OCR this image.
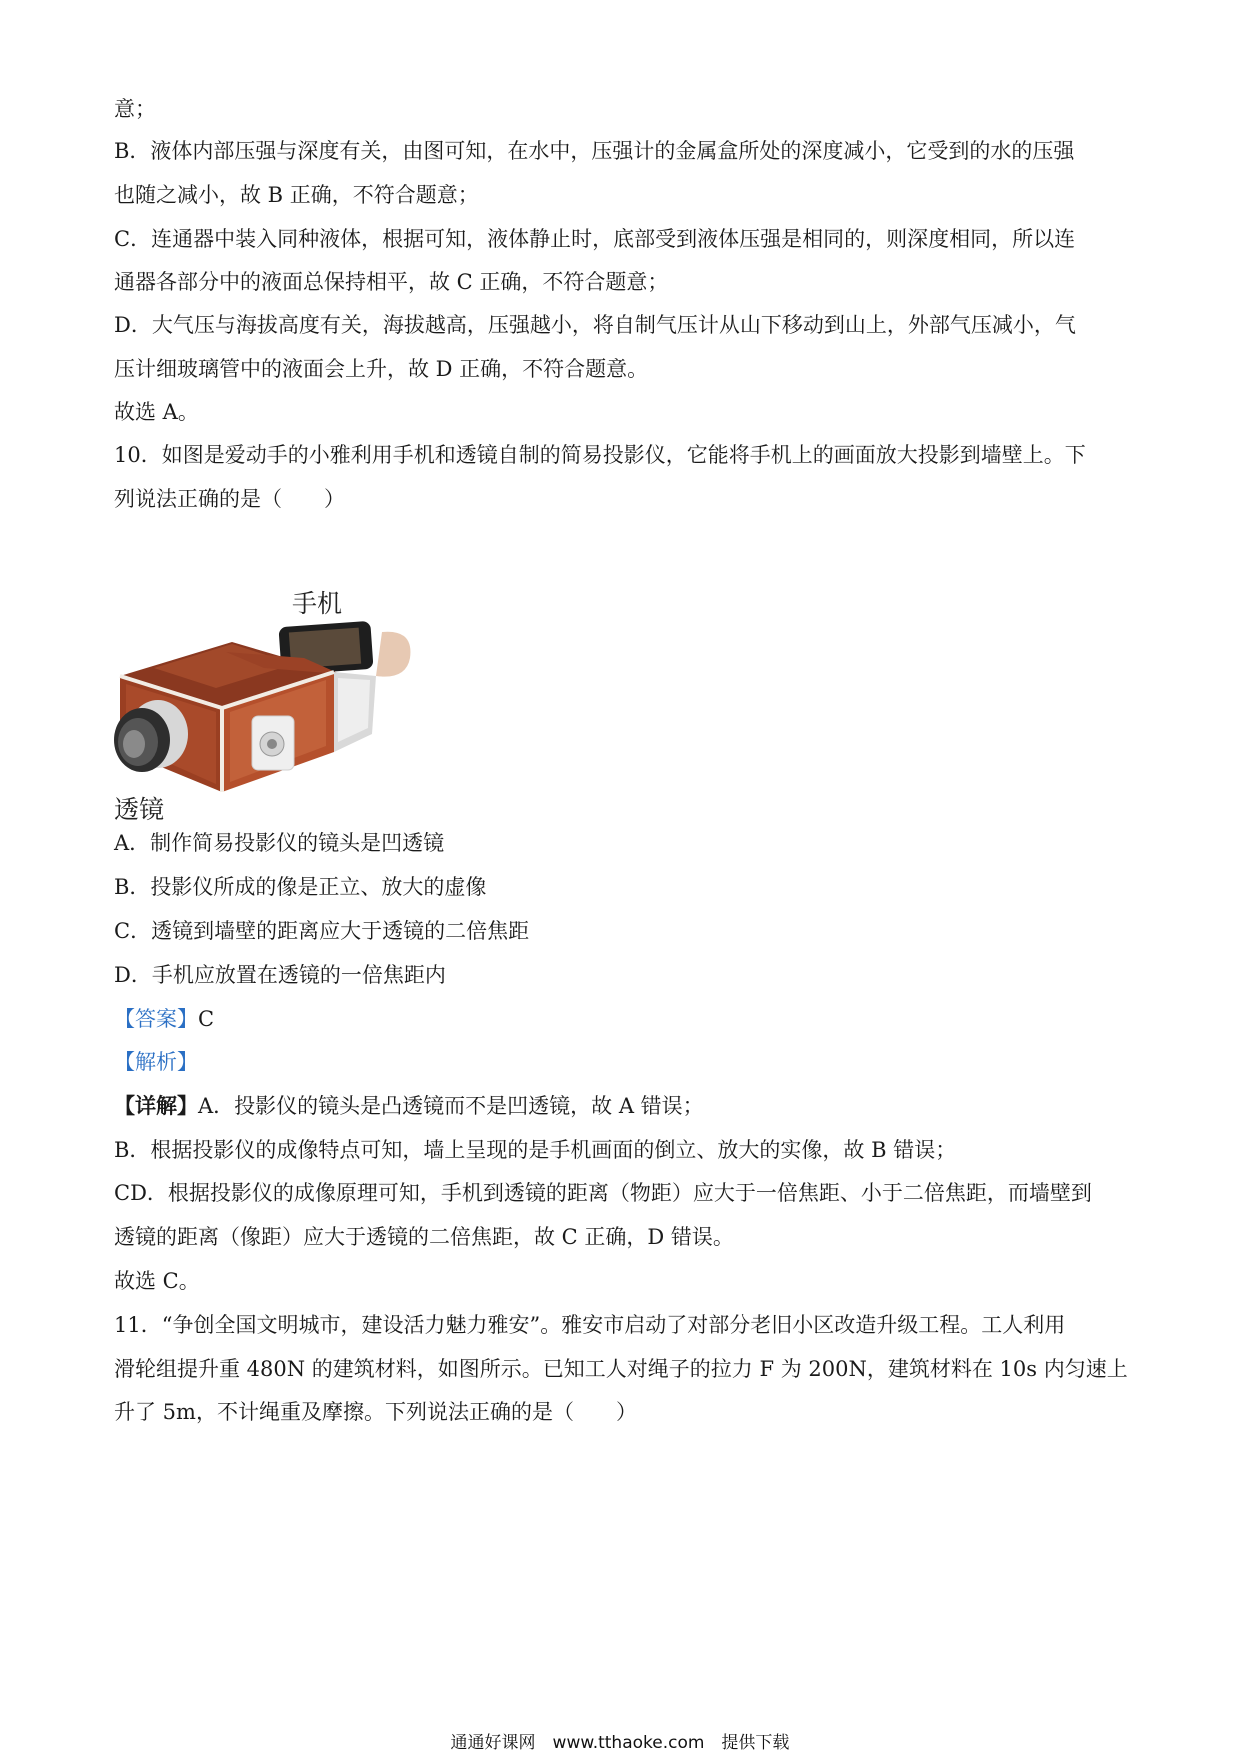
意；
B．液体内部压强与深度有关，由图可知，在水中，压强计的金属盒所处的深度减小，它受到的水的压强
也随之减小，故 B 正确，不符合题意；
C．连通器中装入同种液体，根据可知，液体静止时，底部受到液体压强是相同的，则深度相同，所以连
通器各部分中的液面总保持相平，故 C 正确，不符合题意；
D．大气压与海拔高度有关，海拔越高，压强越小，将自制气压计从山下移动到山上，外部气压减小，气
压计细玻璃管中的液面会上升，故 D 正确，不符合题意。
故选 A。
10．如图是爱动手的小雅利用手机和透镜自制的简易投影仪，它能将手机上的画面放大投影到墙壁上。下
列说法正确的是（　　）
手机
透镜
A．制作简易投影仪的镜头是凹透镜
B．投影仪所成的像是正立、放大的虚像
C．透镜到墙壁的距离应大于透镜的二倍焦距
D．手机应放置在透镜的一倍焦距内
【答案】C
【解析】
【详解】A．投影仪的镜头是凸透镜而不是凹透镜，故 A 错误；
B．根据投影仪的成像特点可知，墙上呈现的是手机画面的倒立、放大的实像，故 B 错误；
CD．根据投影仪的成像原理可知，手机到透镜的距离（物距）应大于一倍焦距、小于二倍焦距，而墙壁到
透镜的距离（像距）应大于透镜的二倍焦距，故 C 正确，D 错误。
故选 C。
11．“争创全国文明城市，建设活力魅力雅安”。雅安市启动了对部分老旧小区改造升级工程。工人利用
滑轮组提升重 480N 的建筑材料，如图所示。已知工人对绳子的拉力 F 为 200N，建筑材料在 10s 内匀速上
升了 5m，不计绳重及摩擦。下列说法正确的是（　　）
通通好课网　www.tthaoke.com　提供下载
